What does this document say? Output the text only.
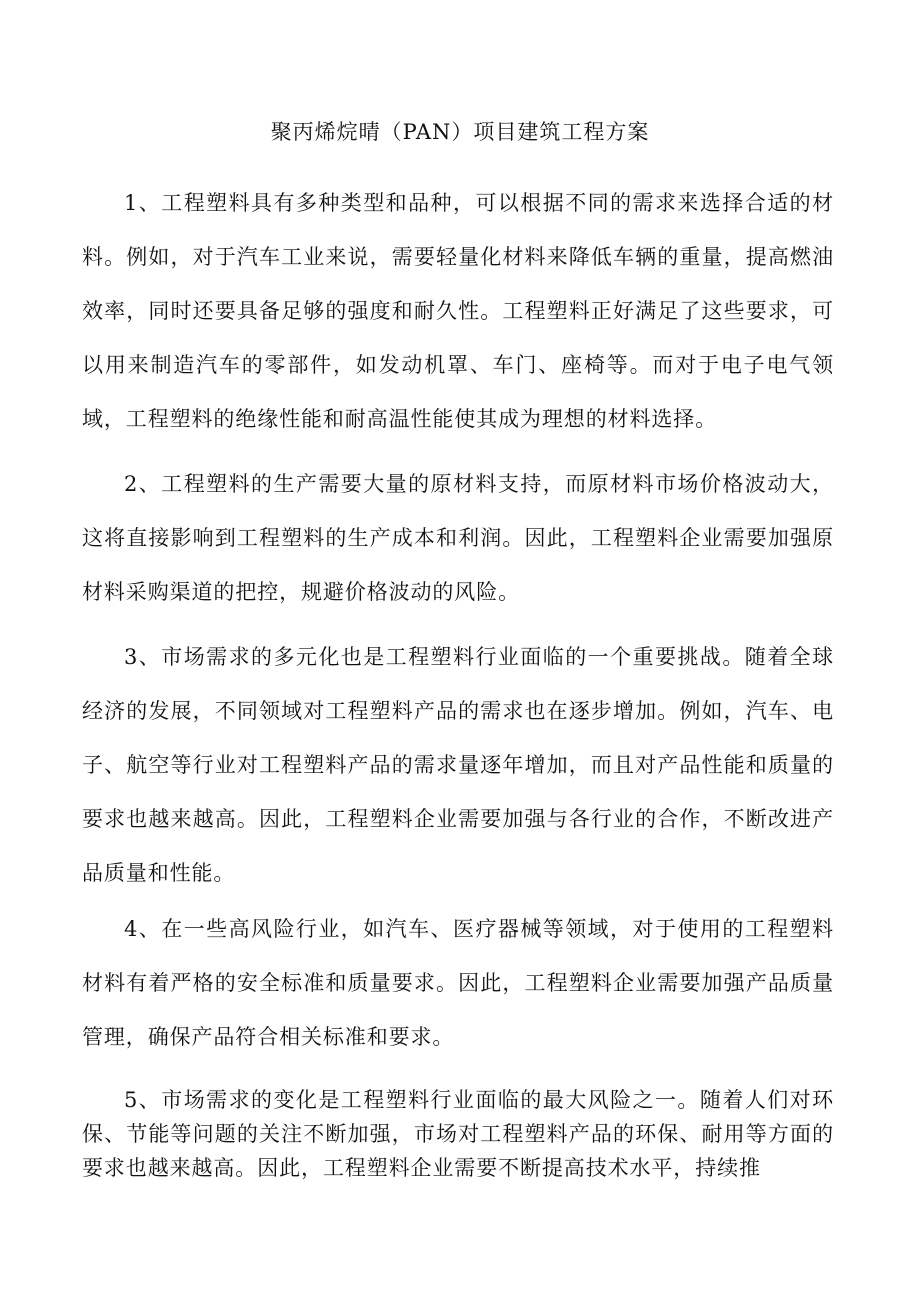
聚丙烯烷晴（PAN）项目建筑工程方案

1、工程塑料具有多种类型和品种，可以根据不同的需求来选择合适的材料。例如，对于汽车工业来说，需要轻量化材料来降低车辆的重量，提高燃油效率，同时还要具备足够的强度和耐久性。工程塑料正好满足了这些要求，可以用来制造汽车的零部件，如发动机罩、车门、座椅等。而对于电子电气领域，工程塑料的绝缘性能和耐高温性能使其成为理想的材料选择。

2、工程塑料的生产需要大量的原材料支持，而原材料市场价格波动大，这将直接影响到工程塑料的生产成本和利润。因此，工程塑料企业需要加强原材料采购渠道的把控，规避价格波动的风险。

3、市场需求的多元化也是工程塑料行业面临的一个重要挑战。随着全球经济的发展，不同领域对工程塑料产品的需求也在逐步增加。例如，汽车、电子、航空等行业对工程塑料产品的需求量逐年增加，而且对产品性能和质量的要求也越来越高。因此，工程塑料企业需要加强与各行业的合作，不断改进产品质量和性能。

4、在一些高风险行业，如汽车、医疗器械等领域，对于使用的工程塑料材料有着严格的安全标准和质量要求。因此，工程塑料企业需要加强产品质量管理，确保产品符合相关标准和要求。

5、市场需求的变化是工程塑料行业面临的最大风险之一。随着人们对环保、节能等问题的关注不断加强，市场对工程塑料产品的环保、耐用等方面的要求也越来越高。因此，工程塑料企业需要不断提高技术水平，持续推
